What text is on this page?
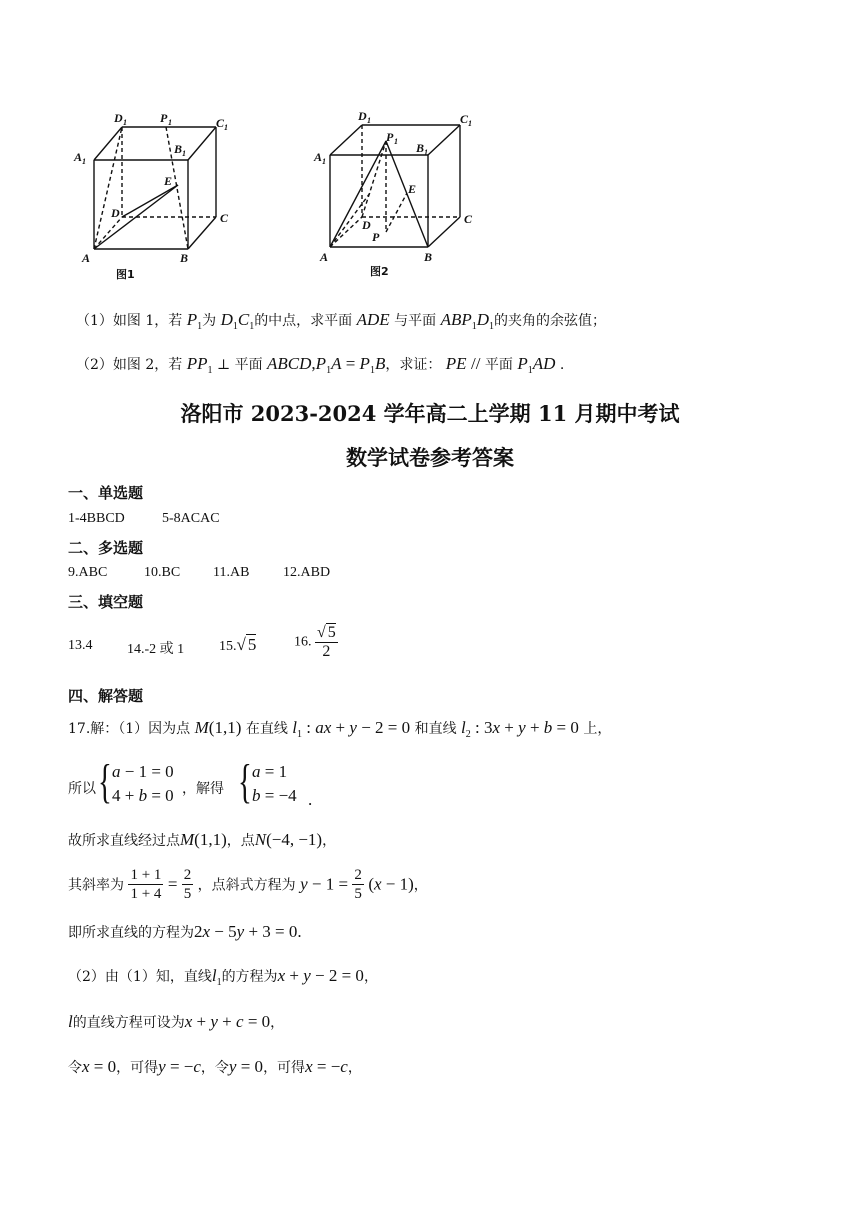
D 1	P 1	C 1
A 1
B 1
E
D	C
A	B
图1
D 1
P 1
C 1
A 1
B 1
E
D
P
C
A	B
图2
（1）如图 1，若 $P_1$为 $D_1C_1$的中点，求平面 ADE 与平面 $ABP_1D_1$的夹角的余弦值；
（2）如图 2，若 $PP_1$ ⊥ 平面 $ABCD,P_1A = P_1B$，求证： PE // 平面 $P_1AD$ .
洛阳市 2023-2024 学年高二上学期 11 月期中考试
数学试卷参考答案
一、单选题
1-4BBCD	5-8ACAC
二、多选题
9.ABC	10.BC 11.AB 12.ABD
三、填空题
13.4 14.-2 或 1 15.√ 5	16. $\frac{√ 5}{2}$
四、解答题
17.解：（1）因为点 M(1,1) 在直线 $l_1$ : ax + y − 2 = 0 和直线 $l_2$ : 3x + y + b = 0 上，
所以 { a − 1 = 0
4 + b = 0 ，解得 { a = 1
b = −4 .
故所求直线经过点M(1,1)，点N(−4, −1)，
其斜率为 $\frac{1 + 1}{1 + 4} = \frac{2}{5}$ ，点斜式方程为 $y - 1 = \frac{2}{5} (x - 1)$，
即所求直线的方程为2x − 5y + 3 = 0.
（2）由（1）知，直线$l_1$的方程为x + y − 2 = 0，
l的直线方程可设为x + y + c = 0，
令x = 0，可得y = −c，令y = 0，可得x = −c，
